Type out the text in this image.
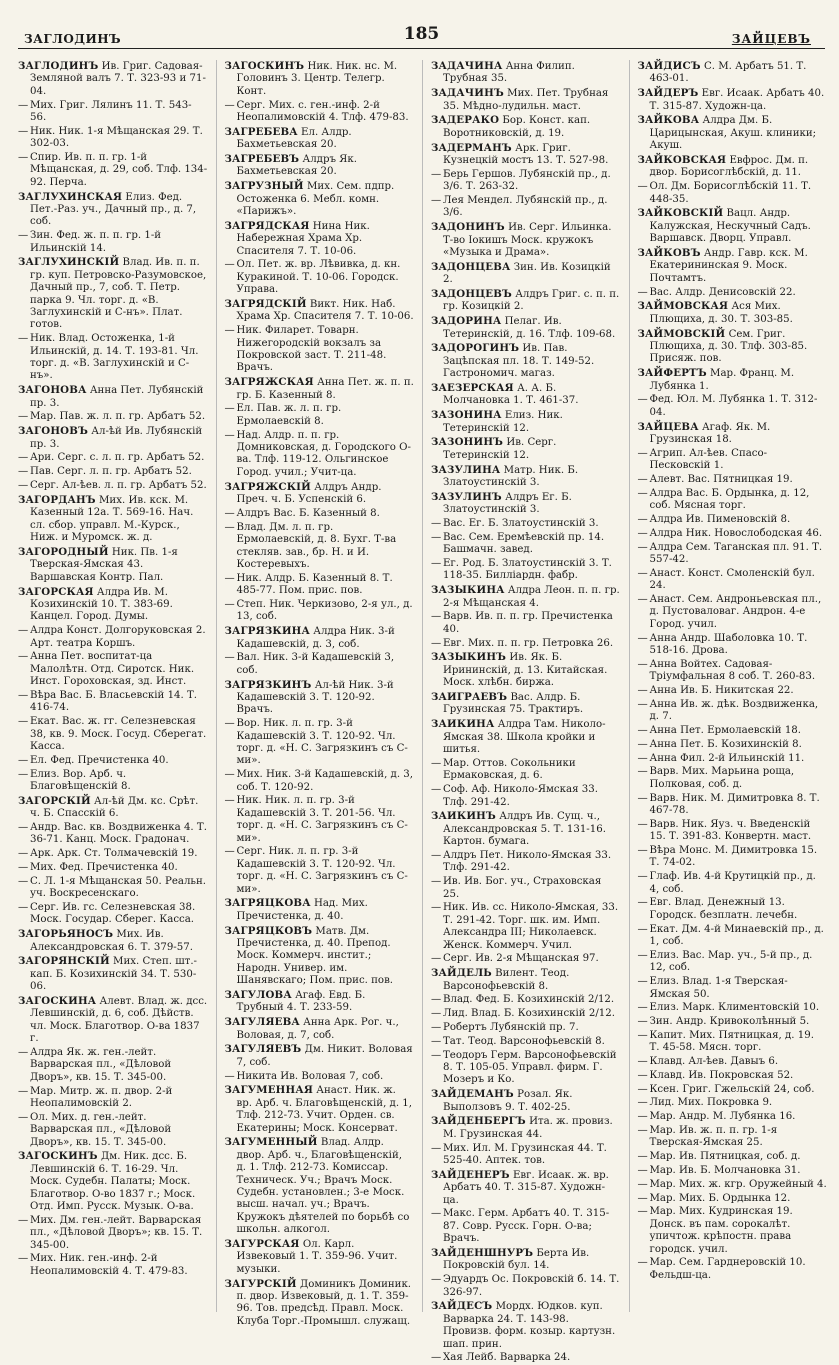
ЗАГЛОДИНЪ	185	ЗАЙЦЕВЪ

ЗАГЛОДИНЪ Ив. Григ. Садовая-Земляной валъ 7. Т. 323-93 и 71-04.

— Мих. Григ. Лялинъ 11. Т. 543-56.

— Ник. Ник. 1-я Мѣщанская 29. Т. 302-03.

— Спир. Ив. п. п. гр. 1-й Мѣщанская, д. 29, соб. Тлф. 134-92. Перча.

ЗАГЛУХИНСКАЯ Елиз. Фед. Пет.-Раз. уч., Дачный пр., д. 7, соб.

— Зин. Фед. ж. п. п. гр. 1-й Ильинскій 14.

ЗАГЛУХИНСКІЙ Влад. Ив. п. п. гр. куп. Петровско-Разумовское, Дачный пр., 7, соб. Т. Петр. парка 9. Чл. торг. д. «В. Заглухинскій и С-нъ». Плат. готов.

— Ник. Влад. Остоженка, 1-й Ильинскій, д. 14. Т. 193-81. Чл. торг. д. «В. Заглухинскій и С-нъ».

ЗАГОНОВА Анна Пет. Лубянскій пр. 3.

— Мар. Пав. ж. л. п. гр. Арбатъ 52.

ЗАГОНОВЪ Ал-ѣй Ив. Лубянскій пр. 3.

— Ари. Серг. с. л. п. гр. Арбатъ 52.

— Пав. Серг. л. п. гр. Арбатъ 52.

— Серг. Ал-ѣев. л. п. гр. Арбатъ 52.

ЗАГОРДАНЪ Мих. Ив. кск. М. Казенный 12а. Т. 569-16. Нач. сл. сбор. управл. М.-Курск., Ниж. и Муромск. ж. д.

ЗАГОРОДНЫЙ Ник. Пв. 1-я Тверская-Ямская 43. Варшавская Контр. Пал.

ЗАГОРСКАЯ Алдра Ив. М. Козихинскій 10. Т. 383-69. Канцел. Город. Думы.

— Алдра Конст. Долгоруковская 2. Арт. театра Коршъ.

— Анна Пет. воспитат-ца Малолѣтн. Отд. Сиротск. Ник. Инст. Гороховская, зд. Инст.

— Вѣра Вас. Б. Власьевскій 14. Т. 416-74.

— Екат. Вас. ж. гг. Селезневская 38, кв. 9. Моск. Госуд. Сберегат. Касса.

— Ел. Фед. Пречистенка 40.

— Елиз. Вор. Арб. ч. Благовѣщенскій 8.

ЗАГОРСКІЙ Ал-ѣй Дм. кс. Срѣт. ч. Б. Спасскій 6.

— Андр. Вас. кв. Воздвиженка 4. Т. 36-71. Канц. Моск. Градонач.

— Арк. Арк. Ст. Толмачевскій 19.

— Мих. Фед. Пречистенка 40.

— С. Л. 1-я Мѣщанская 50. Реальн. уч. Воскресенскаго.

— Серг. Ив. гс. Селезневская 38. Моск. Государ. Сберег. Касса.

ЗАГОРЬЯНОСЪ Мих. Ив. Александровская 6. Т. 379-57.

ЗАГОРЯНСКІЙ Мих. Степ. шт.-кап. Б. Козихинскій 34. Т. 530-06.

ЗАГОСКИНА Алевт. Влад. ж. дсс. Левшинскій, д. 6, соб. Дѣйств. чл. Моск. Благотвор. О-ва 1837 г.

— Алдра Як. ж. ген.-лейт. Варварская пл., «Дѣловой Дворъ», кв. 15. Т. 345-00.

— Мар. Митр. ж. п. двор. 2-й Неопалимовскій 2.

— Ол. Мих. д. ген.-лейт. Варварская пл., «Дѣловой Дворъ», кв. 15. Т. 345-00.

ЗАГОСКИНЪ Дм. Ник. дсс. Б. Левшинскій 6. Т. 16-29. Чл. Моск. Судебн. Палаты; Моск. Благотвор. О-во 1837 г.; Моск. Отд. Имп. Русск. Музык. О-ва.

— Мих. Дм. ген.-лейт. Варварская пл., «Дѣловой Дворъ»; кв. 15. Т. 345-00.

— Мих. Ник. ген.-инф. 2-й Неопалимовскій 4. Т. 479-83.

ЗАГОСКИНЪ Ник. Ник. нс. М. Головинъ 3. Центр. Телегр. Конт.

— Серг. Мих. с. ген.-инф. 2-й Неопалимовскій 4. Тлф. 479-83.

ЗАГРЕБЕВА Ел. Алдр. Бахметьевская 20.

ЗАГРЕБЕВЪ Алдръ Як. Бахметьевская 20.

ЗАГРУЗНЫЙ Мих. Сем. пдпр. Остоженка 6. Мебл. комн. «Парижъ».

ЗАГРЯДСКАЯ Нина Ник. Набережная Храма Хр. Спасителя 7. Т. 10-06.

— Ол. Пет. ж. вр. Лѣвивка, д. кн. Куракиной. Т. 10-06. Городск. Управа.

ЗАГРЯДСКІЙ Викт. Ник. Наб. Храма Хр. Спасителя 7. Т. 10-06.

— Ник. Филарет. Товарн. Нижегородскій вокзалъ за Покровской заст. Т. 211-48. Врачъ.

ЗАГРЯЖСКАЯ Анна Пет. ж. п. п. гр. Б. Казенный 8.

— Ел. Пав. ж. л. п. гр. Ермолаевскій 8.

— Над. Алдр. п. п. гр. Домниковская, д. Городского О-ва. Тлф. 119-12. Ольгинское Город. учил.; Учит-ца.

ЗАГРЯЖСКІЙ Алдръ Андр. Преч. ч. Б. Успенскій 6.

— Алдръ Вас. Б. Казенный 8.

— Влад. Дм. л. п. гр. Ермолаевскій, д. 8. Бухг. Т-ва стекляв. зав., бр. Н. и И. Костеревыхъ.

— Ник. Алдр. Б. Казенный 8. Т. 485-77. Пом. прис. пов.

— Степ. Ник. Черкизово, 2-я ул., д. 13, соб.

ЗАГРЯЗКИНА Алдра Ник. 3-й Кадашевскій, д. 3, соб.

— Вал. Ник. 3-й Кадашевскій 3, соб.

ЗАГРЯЗКИНЪ Ал-ѣй Ник. 3-й Кадашевскій 3. Т. 120-92. Врачъ.

— Вор. Ник. л. п. гр. 3-й Кадашевскій 3. Т. 120-92. Чл. торг. д. «Н. С. Загрязкинъ съ С-ми».

— Мих. Ник. 3-й Кадашевскій, д. 3, соб. Т. 120-92.

— Ник. Ник. л. п. гр. 3-й Кадашевскій 3. Т. 201-56. Чл. торг. д. «Н. С. Загрязкинъ съ С-ми».

— Серг. Ник. л. п. гр. 3-й Кадашевскій 3. Т. 120-92. Чл. торг. д. «Н. С. Загрязкинъ съ С-ми».

ЗАГРЯЦКОВА Над. Мих. Пречистенка, д. 40.

ЗАГРЯЦКОВЪ Матв. Дм. Пречистенка, д. 40. Препод. Моск. Коммерч. инстит.; Народн. Универ. им. Шанявскаго; Пом. прис. пов.

ЗАГУЛОВА Агаф. Евд. Б. Трубный 4. Т. 233-59.

ЗАГУЛЯЕВА Анна Арк. Рог. ч., Воловая, д. 7, соб.

ЗАГУЛЯЕВЪ Дм. Никит. Воловая 7, соб.

— Никита Ив. Воловая 7, соб.

ЗАГУМЕННАЯ Анаст. Ник. ж. вр. Арб. ч. Благовѣщенскій, д. 1, Тлф. 212-73. Учит. Орден. св. Екатерины; Моск. Консерват.

ЗАГУМЕННЫЙ Влад. Алдр. двор. Арб. ч., Благовѣщенскій, д. 1. Тлф. 212-73. Комиссар. Техническ. Уч.; Врачъ Моск. Судебн. установлен.; 3-е Моск. высш. начал. уч.; Врачъ. Кружокъ дѣятелей по борьбѣ со школьн. алкогол.

ЗАГУРСКАЯ Ол. Карл. Извековый 1. Т. 359-96. Учит. музыки.

ЗАГУРСКІЙ Доминикъ Доминик. п. двор. Извековый, д. 1. Т. 359-96. Тов. предсѣд. Правл. Моск. Клуба Торг.-Промышл. служащ.

ЗАДАЧИНА Анна Филип. Трубная 35.

ЗАДАЧИНЪ Мих. Пет. Трубная 35. Мѣдно-лудильн. маст.

ЗАДЕРАКО Бор. Конст. кап. Воротниковскій, д. 19.

ЗАДЕРМАНЪ Арк. Григ. Кузнецкій мостъ 13. Т. 527-98.

— Берь Гершов. Лубянскій пр., д. 3/6. Т. 263-32.

— Лея Мендел. Лубянскій пр., д. 3/6.

ЗАДОНИНЪ Ив. Серг. Ильинка. Т-во Іокишъ Моск. кружокъ «Музыка и Драма».

ЗАДОНЦЕВА Зин. Ив. Козицкій 2.

ЗАДОНЦЕВЪ Алдръ Григ. с. п. п. гр. Козицкій 2.

ЗАДОРИНА Пелаг. Ив. Тетеринскій, д. 16. Тлф. 109-68.

ЗАДОРОГИНЪ Ив. Пав. Зацѣпская пл. 18. Т. 149-52. Гастрономич. магаз.

ЗАЕЗЕРСКАЯ А. А. Б. Молчановка 1. Т. 461-37.

ЗАЗОНИНА Елиз. Ник. Тетеринскій 12.

ЗАЗОНИНЪ Ив. Серг. Тетеринскій 12.

ЗАЗУЛИНА Матр. Ник. Б. Златоустинскій 3.

ЗАЗУЛИНЪ Алдръ Ег. Б. Златоустинскій 3.

— Вас. Ег. Б. Златоустинскій 3.

— Вас. Сем. Еремѣевскій пр. 14. Башмачн. завед.

— Ег. Род. Б. Златоустинскій 3. Т. 118-35. Билліардн. фабр.

ЗАЗЫКИНА Алдра Леон. п. п. гр. 2-я Мѣщанская 4.

— Варв. Ив. п. п. гр. Пречистенка 40.

— Евг. Мих. п. п. гр. Петровка 26.

ЗАЗЫКИНЪ Ив. Як. Б. Ирининскій, д. 13. Китайская. Моск. хлѣбн. биржа.

ЗАИГРАЕВЪ Вас. Алдр. Б. Грузинская 75. Трактиръ.

ЗАИКИНА Алдра Там. Николо-Ямская 38. Школа кройки и шитья.

— Мар. Оттов. Сокольники Ермаковская, д. 6.

— Соф. Аф. Николо-Ямская 33. Тлф. 291-42.

ЗАИКИНЪ Алдръ Ив. Сущ. ч., Александровская 5. Т. 131-16. Картон. бумага.

— Алдръ Пет. Николо-Ямская 33. Тлф. 291-42.

— Ив. Ив. Бог. уч., Страховская 25.

— Ник. Ив. сс. Николо-Ямская, 33. Т. 291-42. Торг. шк. им. Имп. Александра III; Николаевск. Женск. Коммерч. Учил.

— Серг. Ив. 2-я Мѣщанская 97.

ЗАЙДЕЛЬ Вилент. Теод. Варсонофьевскій 8.

— Влад. Фед. Б. Козихинскій 2/12.

— Лид. Влад. Б. Козихинскій 2/12.

— Робертъ Лубянскій пр. 7.

— Тат. Теод. Варсонофьевскій 8.

— Теодоръ Герм. Варсонофьевскій 8. Т. 105-05. Управл. фирм. Г. Мозеръ и Ко.

ЗАЙДЕМАНЪ Розал. Як. Выползовъ 9. Т. 402-25.

ЗАЙДЕНБЕРГЪ Ита. ж. провиз. М. Грузинская 44.

— Мих. Ил. М. Грузинская 44. Т. 525-40. Аптек. тов.

ЗАЙДЕНЕРЪ Евг. Исаак. ж. вр. Арбатъ 40. Т. 315-87. Художн-ца.

— Макс. Герм. Арбатъ 40. Т. 315-87. Совр. Русск. Горн. О-ва; Врачъ.

ЗАЙДЕНШНУРЪ Берта Ив. Покровскій бул. 14.

— Эдуардъ Ос. Покровскій б. 14. Т. 326-97.

ЗАЙДЕСЪ Мордх. Юдков. куп. Варварка 24. Т. 143-98. Провизв. форм. козыр. картузн. шап. прин.

— Хая Лейб. Варварка 24.

ЗАЙДИСЪ С. М. Арбатъ 51. Т. 463-01.

ЗАЙДЕРЪ Евг. Исаак. Арбатъ 40. Т. 315-87. Художн-ца.

ЗАЙКОВА Алдра Дм. Б. Царицынская, Акуш. клиники; Акуш.

ЗАЙКОВСКАЯ Евфрос. Дм. п. двор. Борисоглѣбскій, д. 11.

— Ол. Дм. Борисоглѣбскій 11. Т. 448-35.

ЗАЙКОВСКІЙ Вацл. Андр. Калужская, Нескучный Садъ. Варшавск. Дворц. Управл.

ЗАЙКОВЪ Андр. Гавр. кск. М. Екатерининская 9. Моск. Почтамтъ.

— Вас. Алдр. Денисовскій 22.

ЗАЙМОВСКАЯ Ася Мих. Плющиха, д. 30. Т. 303-85.

ЗАЙМОВСКІЙ Сем. Григ. Плющиха, д. 30. Тлф. 303-85. Присяж. пов.

ЗАЙФЕРТЪ Мар. Франц. М. Лубянка 1.

— Фед. Юл. М. Лубянка 1. Т. 312-04.

ЗАЙЦЕВА Агаф. Як. М. Грузинская 18.

— Агрип. Ал-ѣев. Спасо-Песковскій 1.

— Алевт. Вас. Пятницкая 19.

— Алдра Вас. Б. Ордынка, д. 12, соб. Мясная торг.

— Алдра Ив. Пименовскій 8.

— Алдра Ник. Новослободская 46.

— Алдра Сем. Таганская пл. 91. Т. 557-42.

— Анаст. Конст. Смоленскій бул. 24.

— Анаст. Сем. Андроньевская пл., д. Пустоваловаг. Андрон. 4-е Город. учил.

— Анна Андр. Шаболовка 10. Т. 518-16. Дрова.

— Анна Войтех. Садовая-Тріумфальная 8 соб. Т. 260-83.

— Анна Ив. Б. Никитская 22.

— Анна Ив. ж. дѣк. Воздвиженка, д. 7.

— Анна Пет. Ермолаевскій 18.

— Анна Пет. Б. Козихинскій 8.

— Анна Фил. 2-й Ильинскій 11.

— Варв. Мих. Марьина роща, Полковая, соб. д.

— Варв. Ник. М. Димитровка 8. Т. 467-78.

— Варв. Ник. Яуз. ч. Введенскій 15. Т. 391-83. Конвертн. маст.

— Вѣра Монс. М. Димитровка 15. Т. 74-02.

— Глаф. Ив. 4-й Крутицкій пр., д. 4, соб.

— Евг. Влад. Денежный 13. Городск. безплатн. лечебн.

— Екат. Дм. 4-й Минаевскій пр., д. 1, соб.

— Елиз. Вас. Мар. уч., 5-й пр., д. 12, соб.

— Елиз. Влад. 1-я Тверская-Ямская 50.

— Елиз. Марк. Климентовскій 10.

— Зин. Андр. Кривоколѣнный 5.

— Капит. Мих. Пятницкая, д. 19. Т. 45-58. Мясн. торг.

— Клавд. Ал-ѣев. Давыъ 6.

— Клавд. Ив. Покровская 52.

— Ксен. Григ. Гжельскій 24, соб.

— Лид. Мих. Покровка 9.

— Мар. Андр. М. Лубянка 16.

— Мар. Ив. ж. п. п. гр. 1-я Тверская-Ямская 25.

— Мар. Ив. Пятницкая, соб. д.

— Мар. Ив. Б. Молчановка 31.

— Мар. Мих. ж. кгр. Оружейный 4.

— Мар. Мих. Б. Ордынка 12.

— Мар. Мих. Кудринская 19. Донск. въ пам. сорокалѣт. упичтож. крѣпостн. права городск. учил.

— Мар. Сем. Гарднеровскій 10. Фельдш-ца.
